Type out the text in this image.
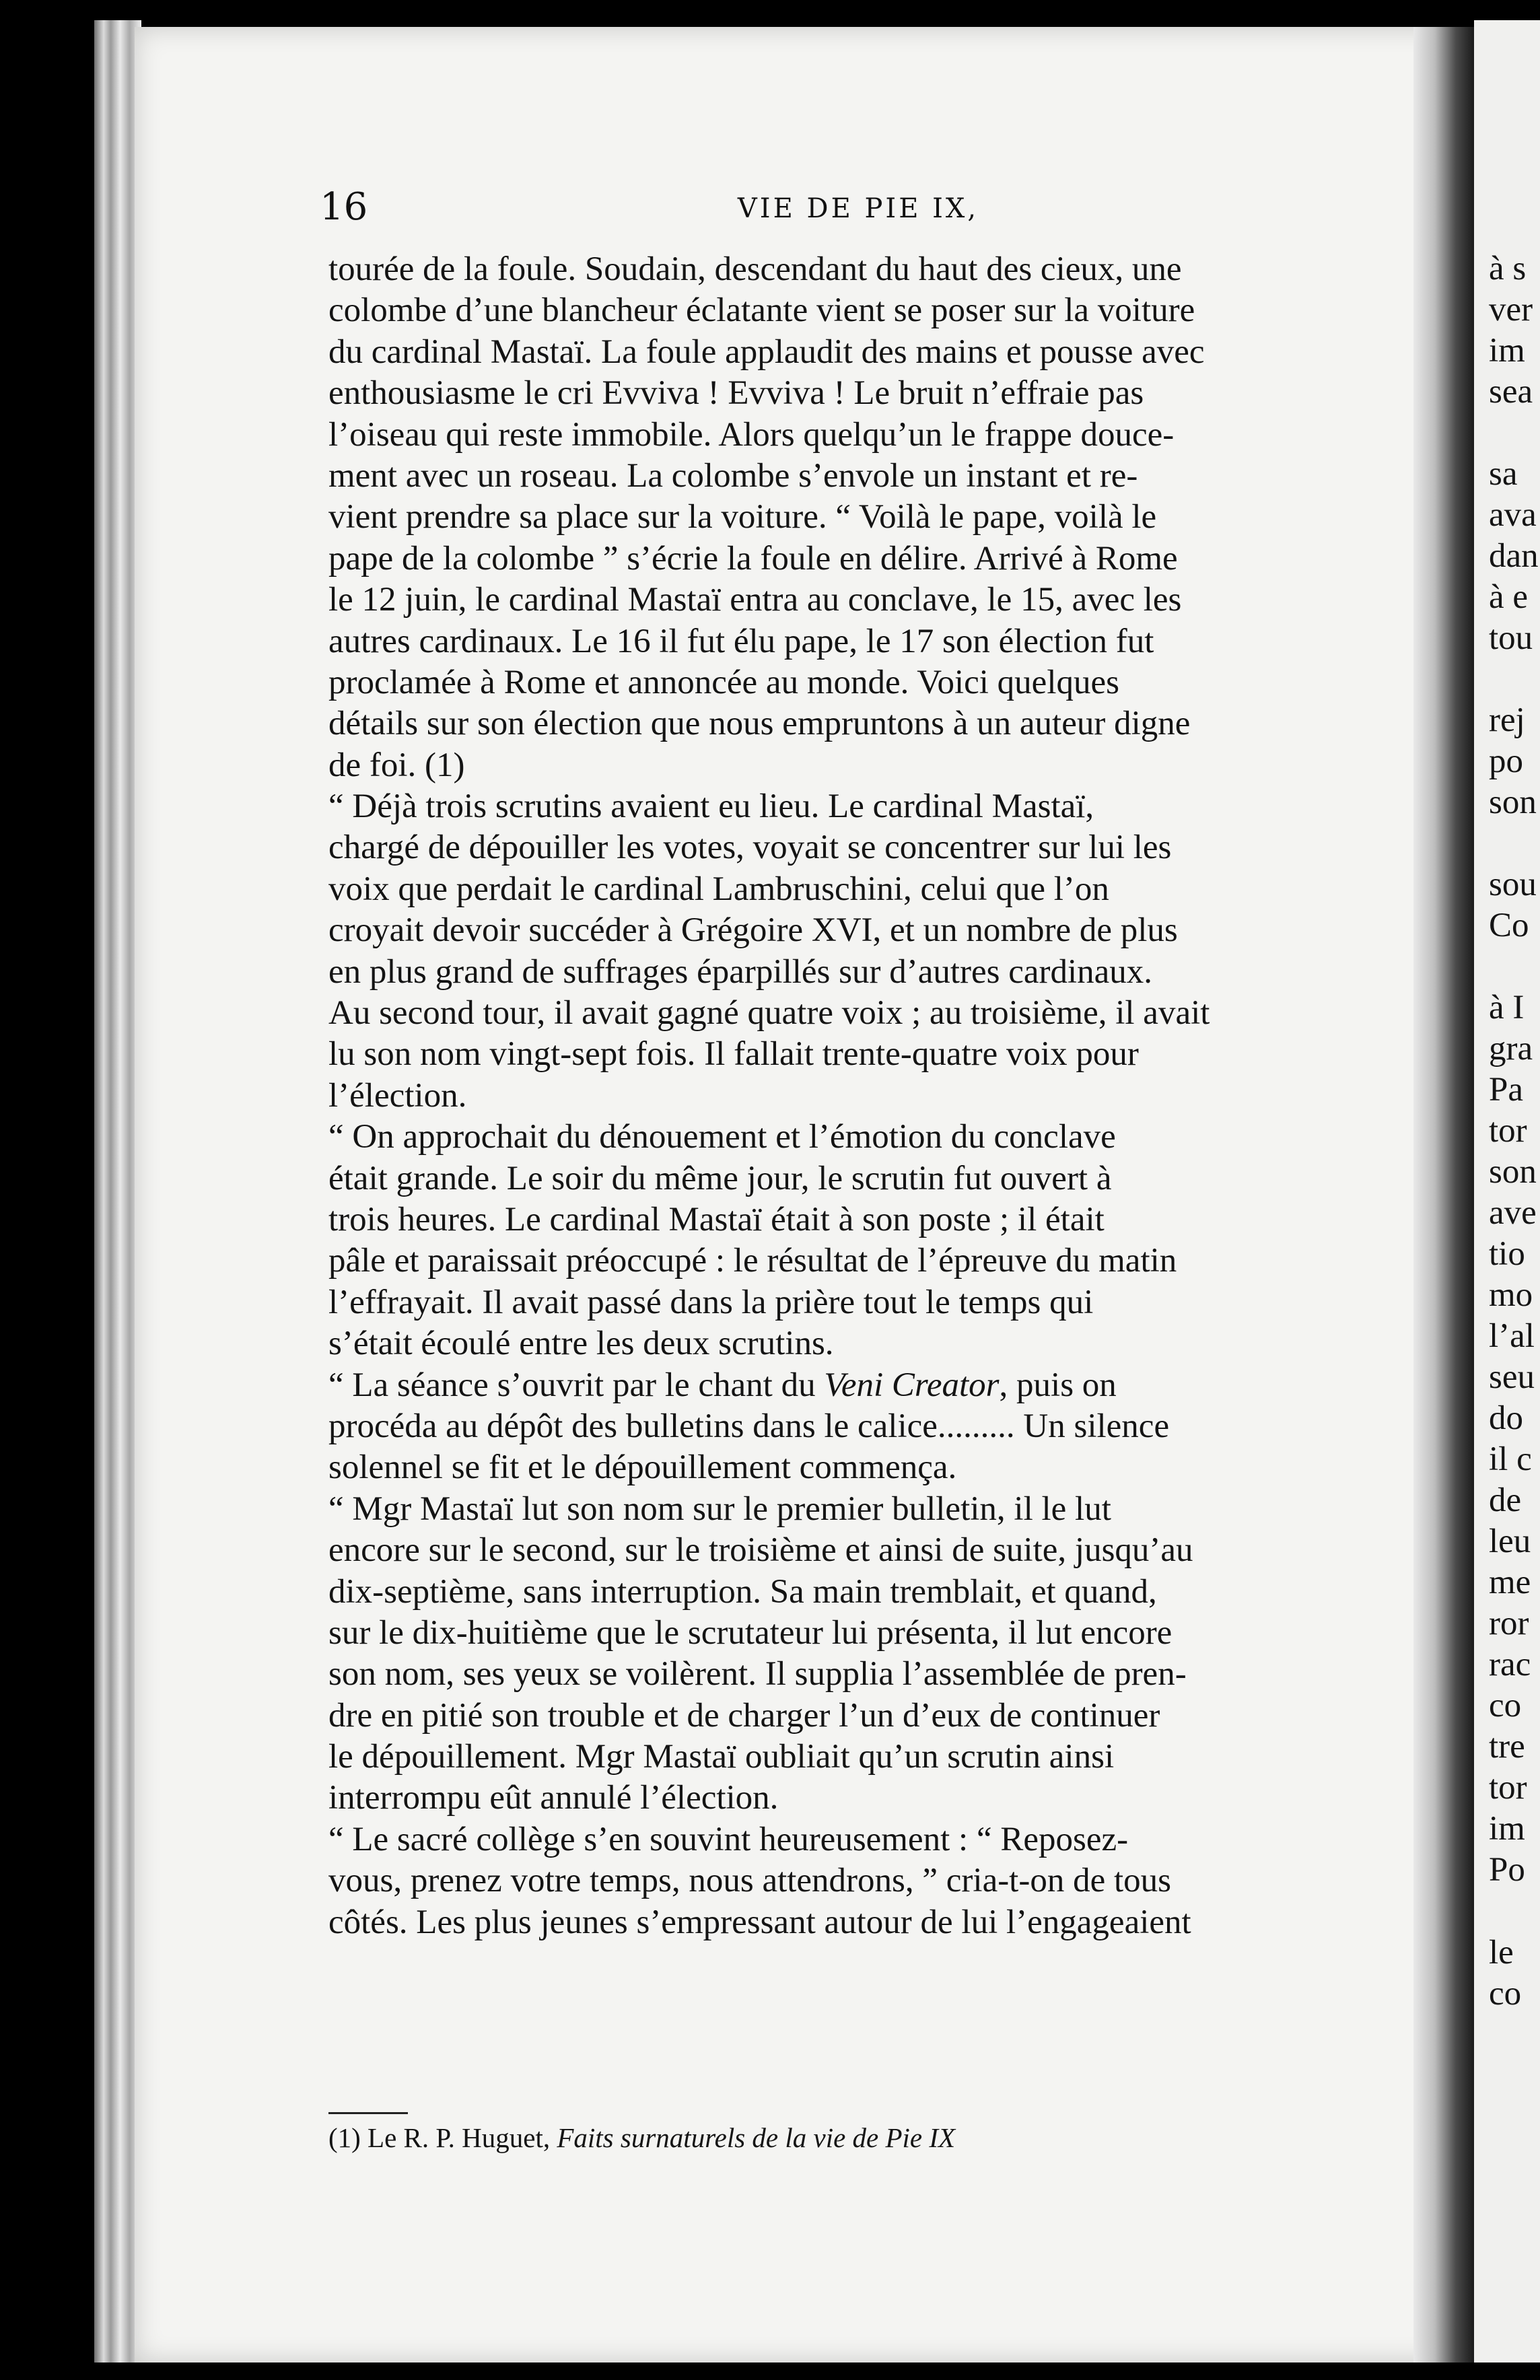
à s
ver
im
sea
sa
ava
dan
à e
tou
rej
po
son
sou
Co
à I
gra
Pa
tor
son
ave
tio
mo
l’al
seu
do
il c
de
leu
me
ror
rac
co
tre
tor
im
Po
le
co
16	VIE DE PIE IX,
tourée de la foule. Soudain, descendant du haut des cieux, une
colombe d’une blancheur éclatante vient se poser sur la voiture
du cardinal Mastaï. La foule applaudit des mains et pousse avec
enthousiasme le cri Evviva ! Evviva ! Le bruit n’effraie pas
l’oiseau qui reste immobile. Alors quelqu’un le frappe douce-
ment avec un roseau. La colombe s’envole un instant et re-
vient prendre sa place sur la voiture. “ Voilà le pape, voilà le
pape de la colombe ” s’écrie la foule en délire. Arrivé à Rome
le 12 juin, le cardinal Mastaï entra au conclave, le 15, avec les
autres cardinaux. Le 16 il fut élu pape, le 17 son élection fut
proclamée à Rome et annoncée au monde. Voici quelques
détails sur son élection que nous empruntons à un auteur digne
de foi. (1)
“ Déjà trois scrutins avaient eu lieu. Le cardinal Mastaï,
chargé de dépouiller les votes, voyait se concentrer sur lui les
voix que perdait le cardinal Lambruschini, celui que l’on
croyait devoir succéder à Grégoire XVI, et un nombre de plus
en plus grand de suffrages éparpillés sur d’autres cardinaux.
Au second tour, il avait gagné quatre voix ; au troisième, il avait
lu son nom vingt-sept fois. Il fallait trente-quatre voix pour
l’élection.
“ On approchait du dénouement et l’émotion du conclave
était grande. Le soir du même jour, le scrutin fut ouvert à
trois heures. Le cardinal Mastaï était à son poste ; il était
pâle et paraissait préoccupé : le résultat de l’épreuve du matin
l’effrayait. Il avait passé dans la prière tout le temps qui
s’était écoulé entre les deux scrutins.
“ La séance s’ouvrit par le chant du Veni Creator, puis on
procéda au dépôt des bulletins dans le calice......... Un silence
solennel se fit et le dépouillement commença.
“ Mgr Mastaï lut son nom sur le premier bulletin, il le lut
encore sur le second, sur le troisième et ainsi de suite, jusqu’au
dix-septième, sans interruption. Sa main tremblait, et quand,
sur le dix-huitième que le scrutateur lui présenta, il lut encore
son nom, ses yeux se voilèrent. Il supplia l’assemblée de pren-
dre en pitié son trouble et de charger l’un d’eux de continuer
le dépouillement. Mgr Mastaï oubliait qu’un scrutin ainsi
interrompu eût annulé l’élection.
“ Le sacré collège s’en souvint heureusement : “ Reposez-
vous, prenez votre temps, nous attendrons, ” cria-t-on de tous
côtés. Les plus jeunes s’empressant autour de lui l’engageaient
(1) Le R. P. Huguet, Faits surnaturels de la vie de Pie IX
